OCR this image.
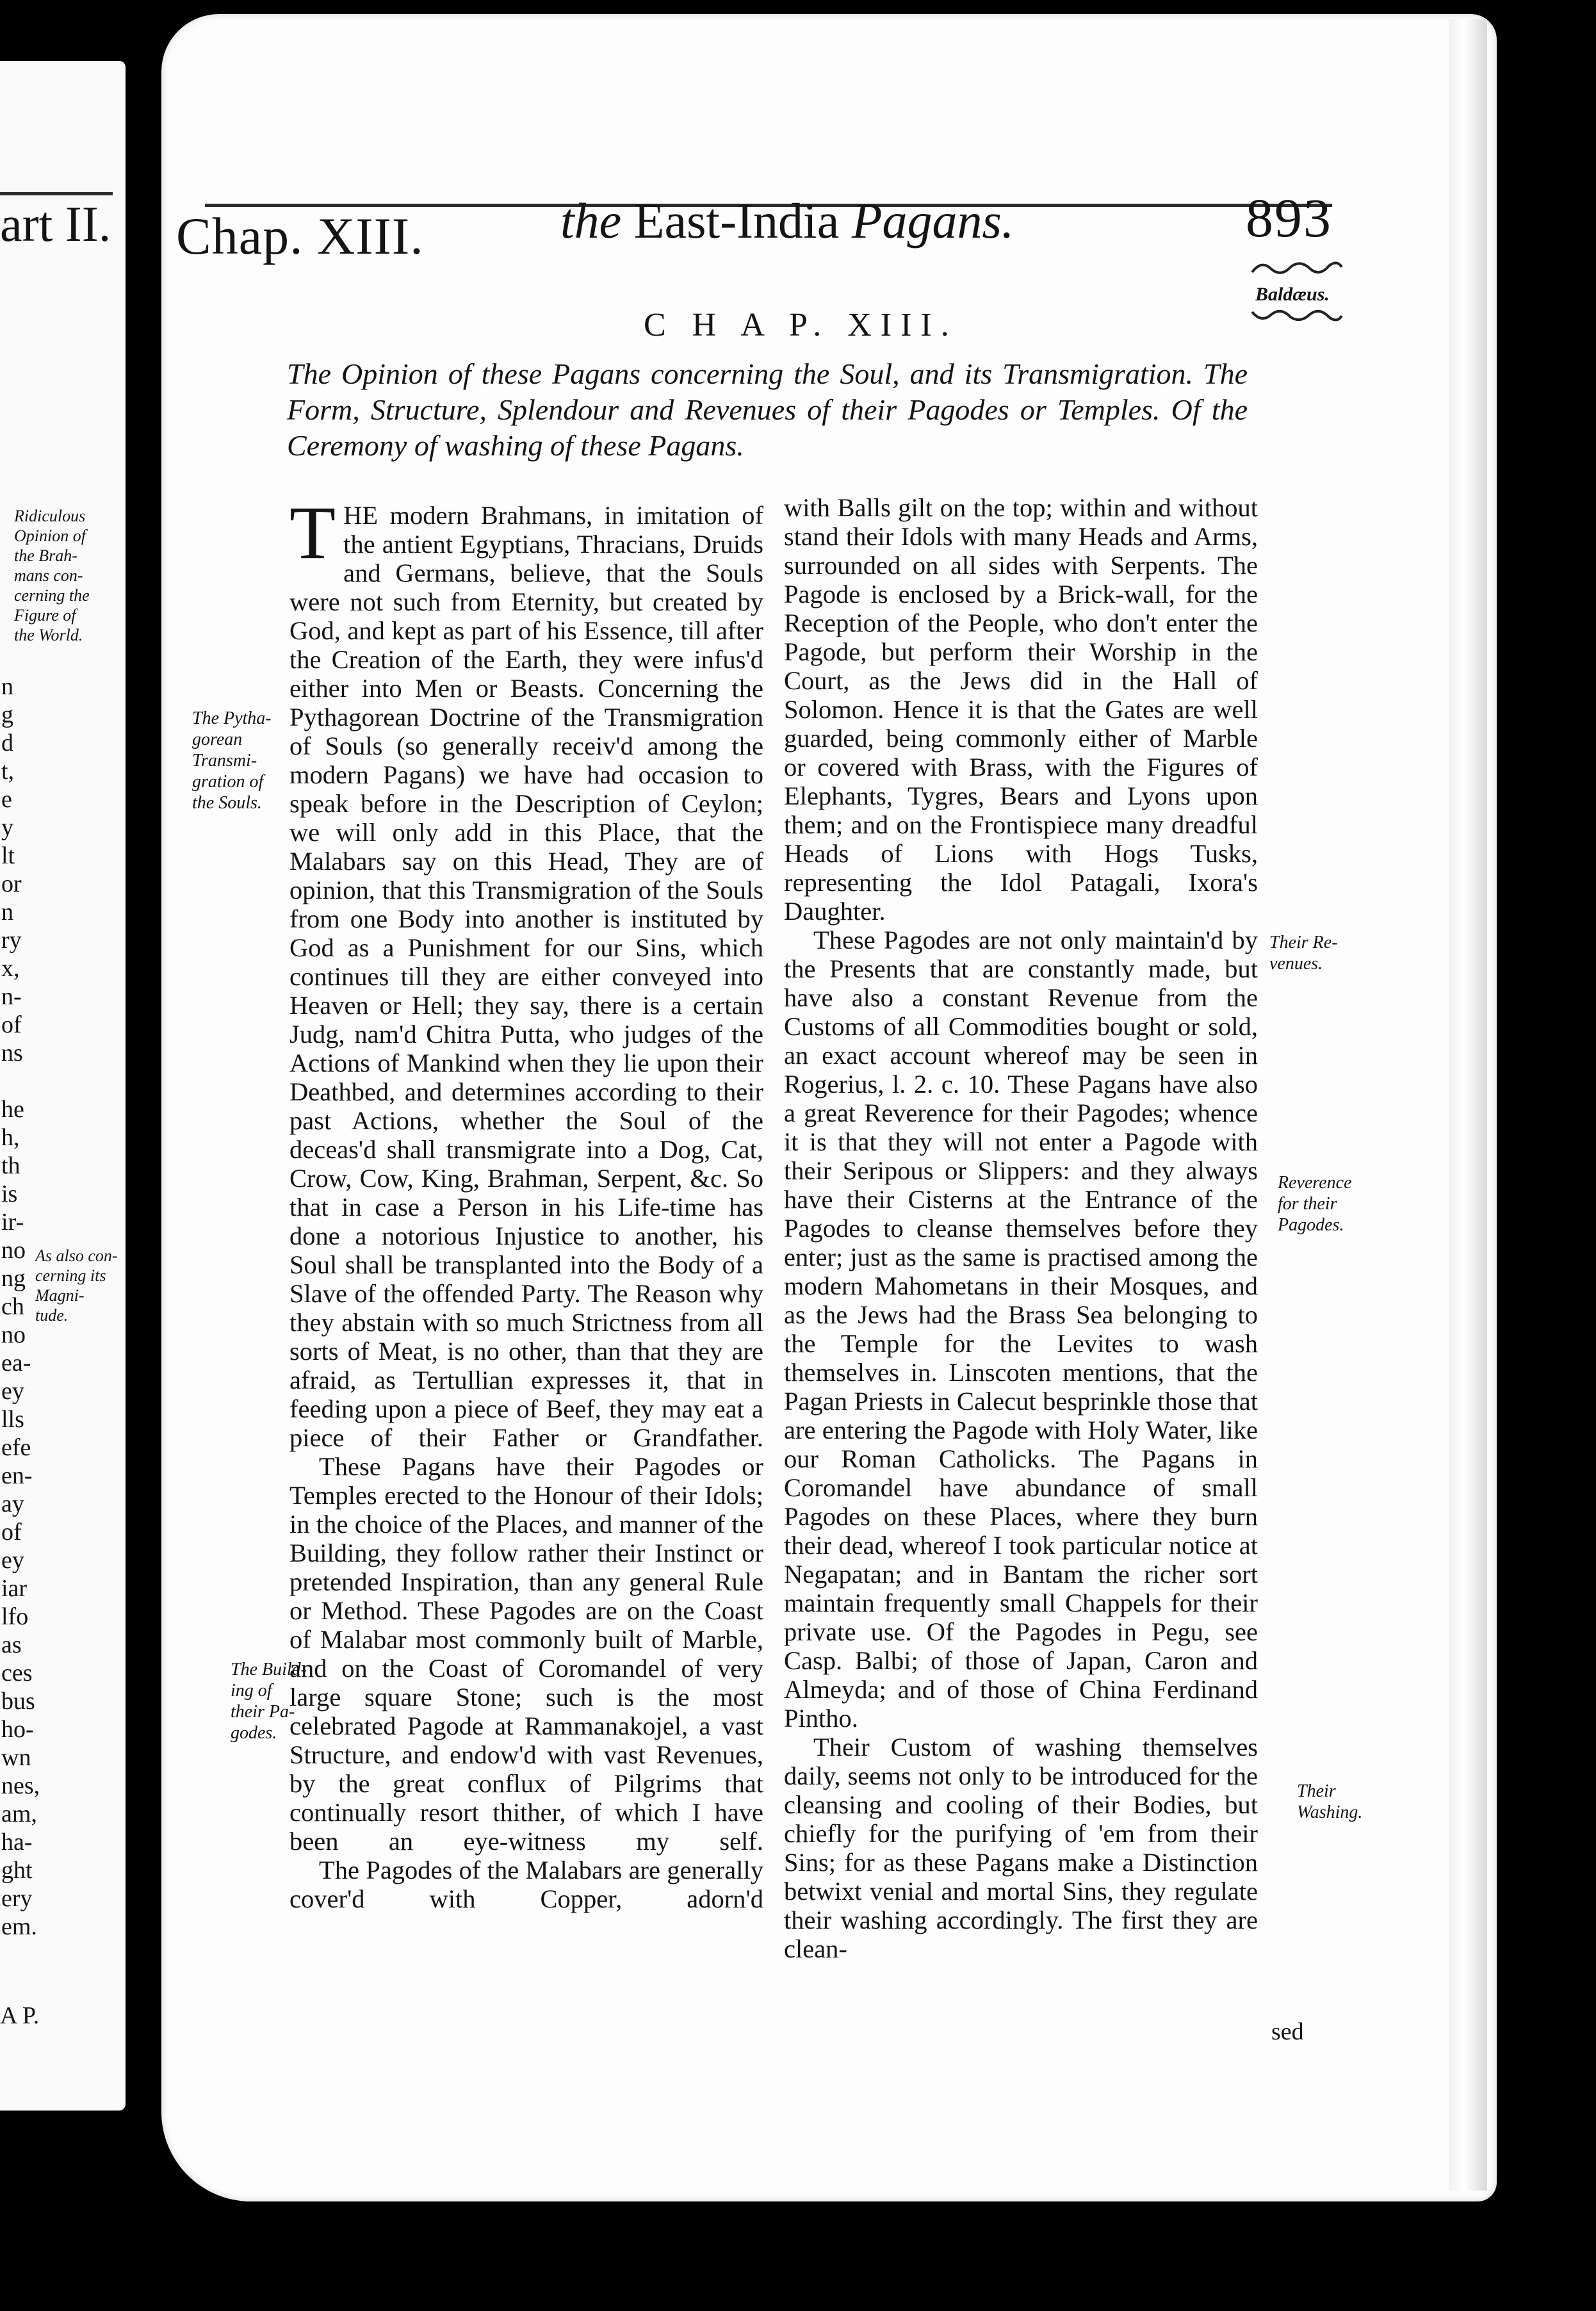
art II.
Ridiculous
Opinion of
the Brah-
mans con-
cerning the
Figure of
the World.
As also con-
cerning its
Magni-
tude.
n
g
d
t,
e
y
lt
or
n
ry
x,
n-
of
ns
he
h,
th
is
ir-
no
ng
ch
no
ea-
ey
lls
efe
en-
ay
of
ey
iar
lfo
as
ces
bus
ho-
wn
nes,
am,
ha-
ght
ery
em.
A P.
Chap. XIII.	the East-India Pagans.	893
Baldæus.
C H A P. XIII.
The Opinion of these Pagans concerning the Soul, and its Transmigration. The Form, Structure, Splendour and Revenues of their Pagodes or Temples. Of the Ceremony of washing of these Pagans.

THE modern Brahmans, in imitation of the antient Egyptians, Thracians, Druids and Germans, believe, that the Souls were not such from Eternity, but created by God, and kept as part of his Essence, till after the Creation of the Earth, they were infus'd either into Men or Beasts. Concerning the Pythagorean Doctrine of the Transmigration of Souls (so generally receiv'd among the modern Pagans) we have had occasion to speak before in the Description of Ceylon; we will only add in this Place, that the Malabars say on this Head, They are of opinion, that this Transmigration of the Souls from one Body into another is instituted by God as a Punishment for our Sins, which continues till they are either conveyed into Heaven or Hell; they say, there is a certain Judg, nam'd Chitra Putta, who judges of the Actions of Mankind when they lie upon their Deathbed, and determines according to their past Actions, whether the Soul of the deceas'd shall transmigrate into a Dog, Cat, Crow, Cow, King, Brahman, Serpent, &c. So that in case a Person in his Life-time has done a notorious Injustice to another, his Soul shall be transplanted into the Body of a Slave of the offended Party. The Reason why they abstain with so much Strictness from all sorts of Meat, is no other, than that they are afraid, as Tertullian expresses it, that in feeding upon a piece of Beef, they may eat a piece of their Father or Grandfather.

These Pagans have their Pagodes or Temples erected to the Honour of their Idols; in the choice of the Places, and manner of the Building, they follow rather their Instinct or pretended Inspiration, than any general Rule or Method. These Pagodes are on the Coast of Malabar most commonly built of Marble, and on the Coast of Coromandel of very large square Stone; such is the most celebrated Pagode at Rammanakojel, a vast Structure, and endow'd with vast Revenues, by the great conflux of Pilgrims that continually resort thither, of which I have been an eye-witness my self.

The Pagodes of the Malabars are generally cover'd with Copper, adorn'd

with Balls gilt on the top; within and without stand their Idols with many Heads and Arms, surrounded on all sides with Serpents. The Pagode is enclosed by a Brick-wall, for the Reception of the People, who don't enter the Pagode, but perform their Worship in the Court, as the Jews did in the Hall of Solomon. Hence it is that the Gates are well guarded, being commonly either of Marble or covered with Brass, with the Figures of Elephants, Tygres, Bears and Lyons upon them; and on the Frontispiece many dreadful Heads of Lions with Hogs Tusks, representing the Idol Patagali, Ixora's Daughter.

These Pagodes are not only maintain'd by the Presents that are constantly made, but have also a constant Revenue from the Customs of all Commodities bought or sold, an exact account whereof may be seen in Rogerius, l. 2. c. 10. These Pagans have also a great Reverence for their Pagodes; whence it is that they will not enter a Pagode with their Seripous or Slippers: and they always have their Cisterns at the Entrance of the Pagodes to cleanse themselves before they enter; just as the same is practised among the modern Mahometans in their Mosques, and as the Jews had the Brass Sea belonging to the Temple for the Levites to wash themselves in. Linscoten mentions, that the Pagan Priests in Calecut besprinkle those that are entering the Pagode with Holy Water, like our Roman Catholicks. The Pagans in Coromandel have abundance of small Pagodes on these Places, where they burn their dead, whereof I took particular notice at Negapatan; and in Bantam the richer sort maintain frequently small Chappels for their private use. Of the Pagodes in Pegu, see Casp. Balbi; of those of Japan, Caron and Almeyda; and of those of China Ferdinand Pintho.

Their Custom of washing themselves daily, seems not only to be introduced for the cleansing and cooling of their Bodies, but chiefly for the purifying of 'em from their Sins; for as these Pagans make a Distinction betwixt venial and mortal Sins, they regulate their washing accordingly. The first they are clean-

sed
The Pytha-
gorean
Transmi-
gration of
the Souls.
The Build-
ing of
their Pa-
godes.
Their Re-
venues.
Reverence
for their
Pagodes.
Their
Washing.
